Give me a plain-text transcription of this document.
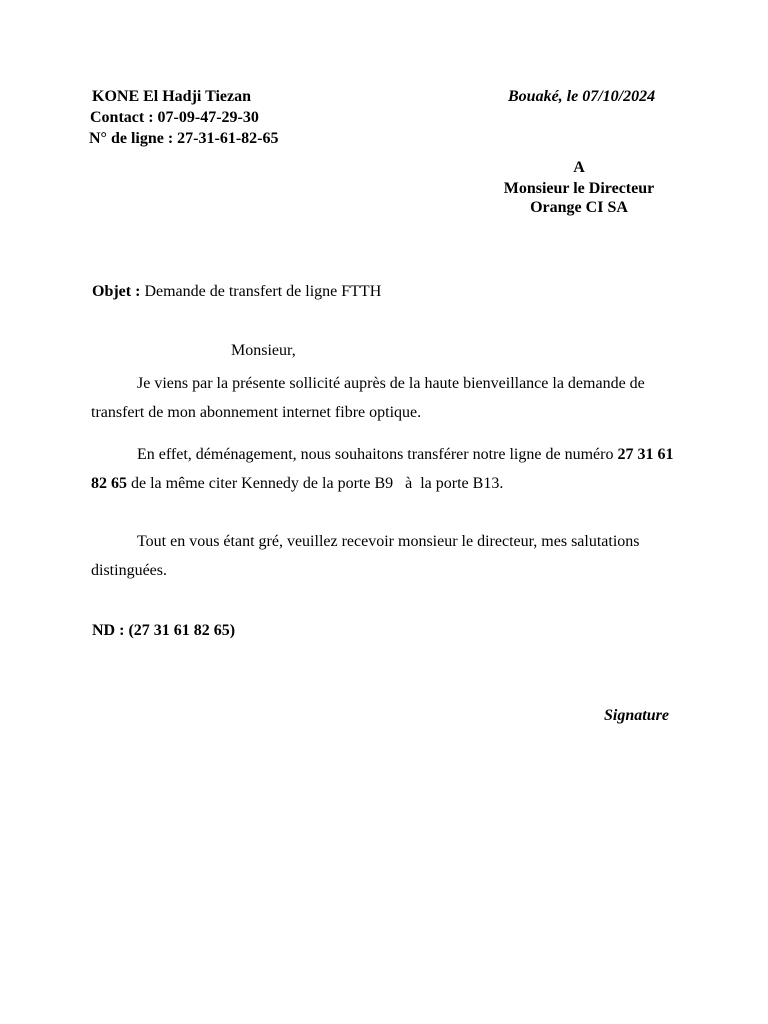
KONE El Hadji Tiezan
Contact : 07-09-47-29-30
N° de ligne : 27-31-61-82-65
Bouaké, le 07/10/2024
A
Monsieur le Directeur
Orange CI SA
Objet : Demande de transfert de ligne FTTH
Monsieur,
Je viens par la présente sollicité auprès de la haute bienveillance la demande de transfert de mon abonnement internet fibre optique.
En effet, déménagement, nous souhaitons transférer notre ligne de numéro 27 31 61 82 65 de la même citer Kennedy de la porte B9   à  la porte B13.
Tout en vous étant gré, veuillez recevoir monsieur le directeur, mes salutations distinguées.
ND : (27 31 61 82 65)
Signature
